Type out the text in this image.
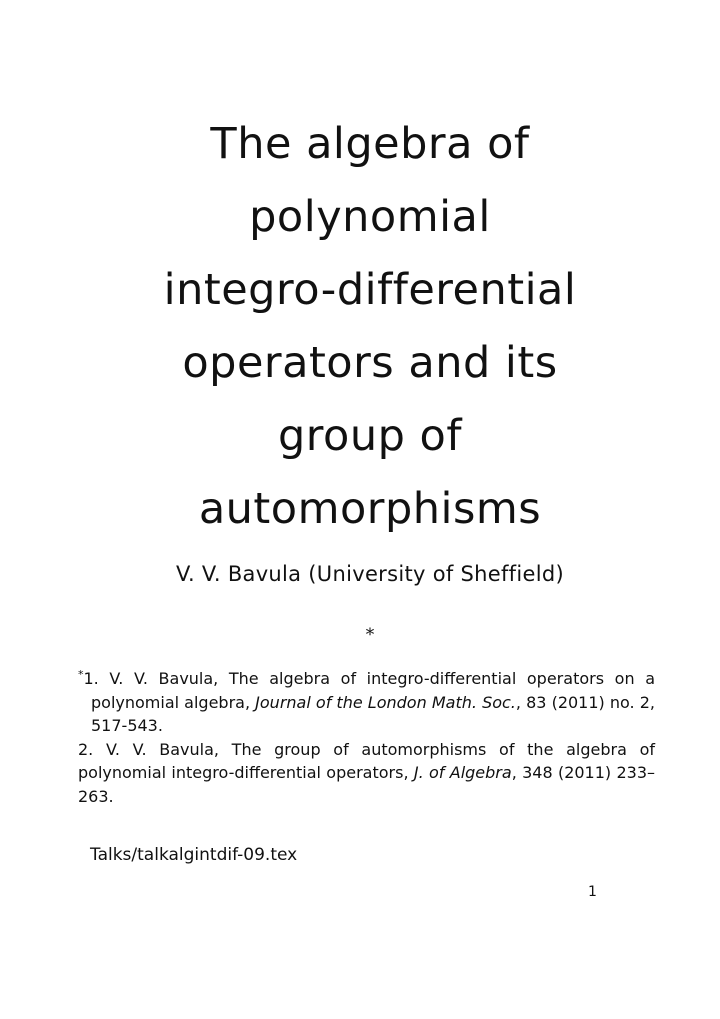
The algebra of
polynomial
integro-differential
operators and its
group of
automorphisms
V. V. Bavula (University of Sheffield)
*
*1. V. V. Bavula, The algebra of integro-differential operators on a polynomial algebra, Journal of the London Math. Soc., 83 (2011) no. 2, 517-543.
2. V. V. Bavula, The group of automorphisms of the algebra of polynomial integro-differential operators, J. of Algebra, 348 (2011) 233–263.
Talks/talkalgintdif-09.tex
1
